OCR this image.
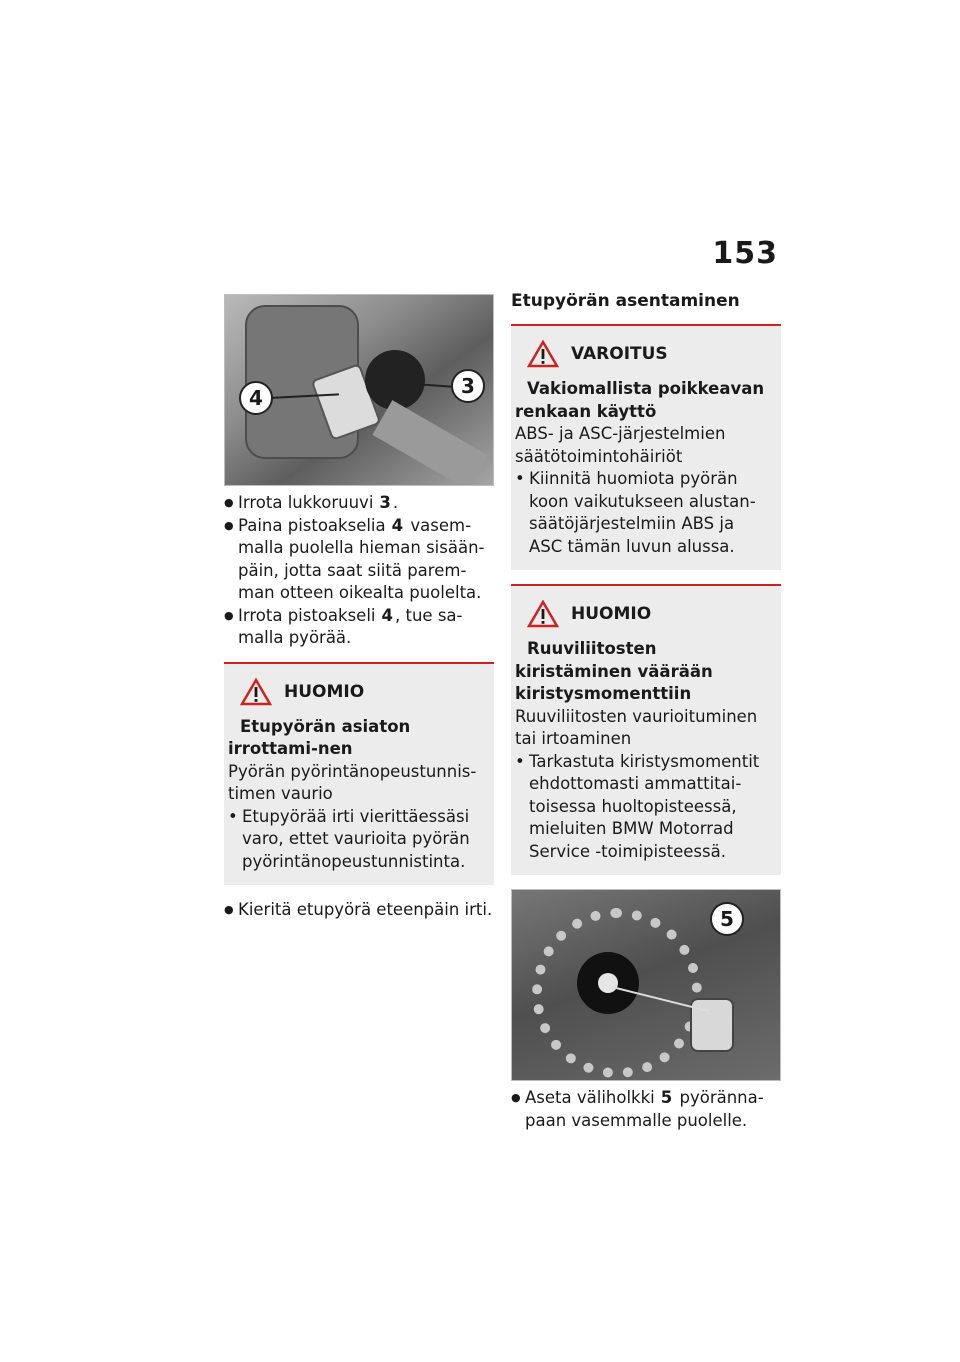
153
4	3
● Irrota lukkoruuvi 3 .
● Paina pistoakselia 4 vasem-malla puolella hieman sisään-päin, jotta saat siitä parem-man otteen oikealta puolelta.
● Irrota pistoakseli 4 , tue sa-malla pyörää.
HUOMIO
Etupyörän asiaton irrottami-nen
Pyörän pyörintänopeustunnis-timen vaurio
• Etupyörää irti vierittäessäsi varo, ettet vaurioita pyörän pyörintänopeustunnistinta.
● Kieritä etupyörä eteenpäin irti.
Etupyörän asentaminen
VAROITUS
Vakiomallista poikkeavan renkaan käyttö
ABS- ja ASC-järjestelmien säätötoimintohäiriöt
• Kiinnitä huomiota pyörän koon vaikutukseen alustan-säätöjärjestelmiin ABS ja ASC tämän luvun alussa.
HUOMIO
Ruuviliitosten kiristäminen väärään kiristysmomenttiin
Ruuviliitosten vaurioituminen tai irtoaminen
• Tarkastuta kiristysmomentit ehdottomasti ammattitai-toisessa huoltopisteessä, mieluiten BMW Motorrad Service -toimipisteessä.
5
● Aseta väliholkki 5 pyöränna-paan vasemmalle puolelle.
